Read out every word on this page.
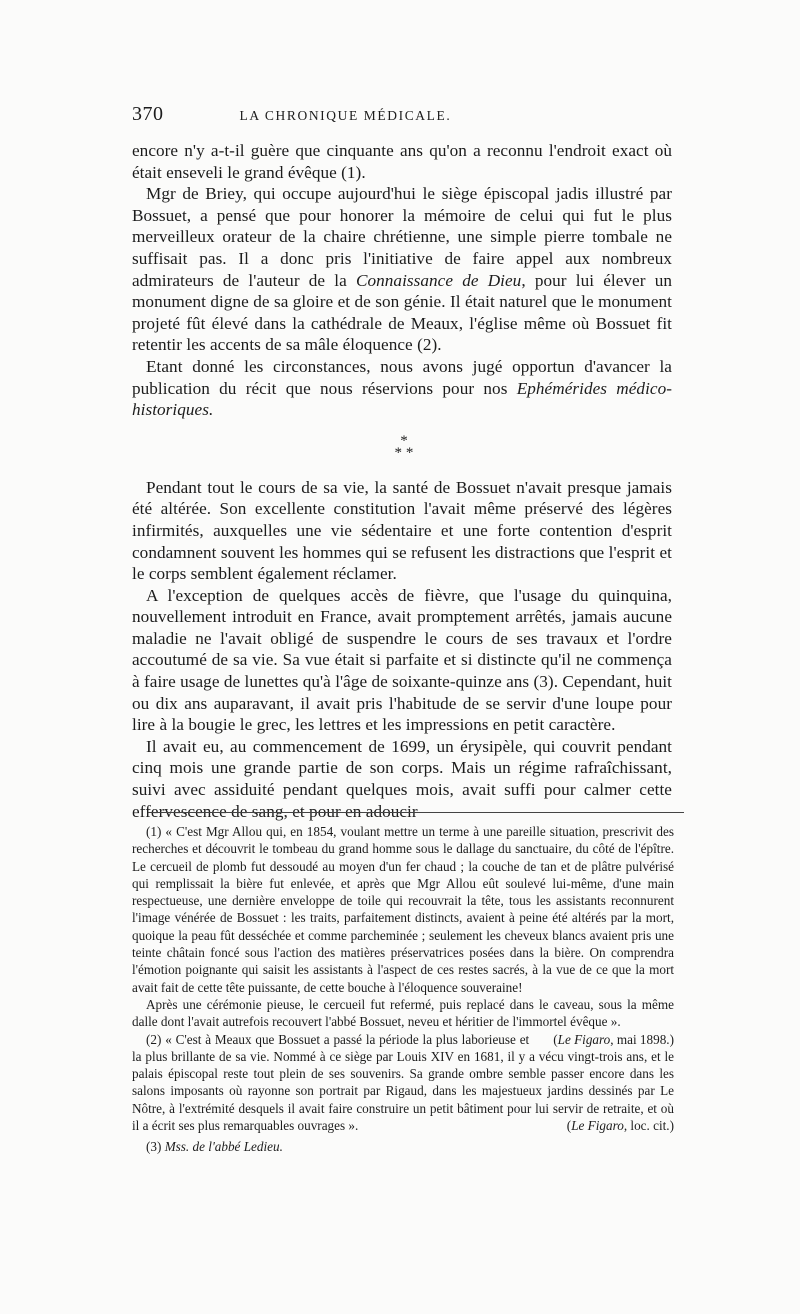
370	LA CHRONIQUE MÉDICALE.

encore n'y a-t-il guère que cinquante ans qu'on a reconnu l'endroit exact où était enseveli le grand évêque (1).

Mgr de Briey, qui occupe aujourd'hui le siège épiscopal jadis illustré par Bossuet, a pensé que pour honorer la mémoire de celui qui fut le plus merveilleux orateur de la chaire chrétienne, une simple pierre tombale ne suffisait pas. Il a donc pris l'initiative de faire appel aux nombreux admirateurs de l'auteur de la Connaissance de Dieu, pour lui élever un monument digne de sa gloire et de son génie. Il était naturel que le monument projeté fût élevé dans la cathédrale de Meaux, l'église même où Bossuet fit retentir les accents de sa mâle éloquence (2).

Etant donné les circonstances, nous avons jugé opportun d'avancer la publication du récit que nous réservions pour nos Ephémérides médico-historiques.

*
* *

Pendant tout le cours de sa vie, la santé de Bossuet n'avait presque jamais été altérée. Son excellente constitution l'avait même préservé des légères infirmités, auxquelles une vie sédentaire et une forte contention d'esprit condamnent souvent les hommes qui se refusent les distractions que l'esprit et le corps semblent également réclamer.

A l'exception de quelques accès de fièvre, que l'usage du quinquina, nouvellement introduit en France, avait promptement arrêtés, jamais aucune maladie ne l'avait obligé de suspendre le cours de ses travaux et l'ordre accoutumé de sa vie. Sa vue était si parfaite et si distincte qu'il ne commença à faire usage de lunettes qu'à l'âge de soixante-quinze ans (3). Cependant, huit ou dix ans auparavant, il avait pris l'habitude de se servir d'une loupe pour lire à la bougie le grec, les lettres et les impressions en petit caractère.

Il avait eu, au commencement de 1699, un érysipèle, qui couvrit pendant cinq mois une grande partie de son corps. Mais un régime rafraîchissant, suivi avec assiduité pendant quelques mois, avait suffi pour calmer cette effervescence de sang, et pour en adoucir

(1) « C'est Mgr Allou qui, en 1854, voulant mettre un terme à une pareille situation, prescrivit des recherches et découvrit le tombeau du grand homme sous le dallage du sanctuaire, du côté de l'épître. Le cercueil de plomb fut dessoudé au moyen d'un fer chaud ; la couche de tan et de plâtre pulvérisé qui remplissait la bière fut enlevée, et après que Mgr Allou eût soulevé lui-même, d'une main respectueuse, une dernière enveloppe de toile qui recouvrait la tête, tous les assistants reconnurent l'image vénérée de Bossuet : les traits, parfaitement distincts, avaient à peine été altérés par la mort, quoique la peau fût desséchée et comme parcheminée ; seulement les cheveux blancs avaient pris une teinte châtain foncé sous l'action des matières préservatrices posées dans la bière. On comprendra l'émotion poignante qui saisit les assistants à l'aspect de ces restes sacrés, à la vue de ce que la mort avait fait de cette tête puissante, de cette bouche à l'éloquence souveraine!

Après une cérémonie pieuse, le cercueil fut refermé, puis replacé dans le caveau, sous la même dalle dont l'avait autrefois recouvert l'abbé Bossuet, neveu et héritier de l'immortel évêque ».
(Le Figaro, mai 1898.)

(2) « C'est à Meaux que Bossuet a passé la période la plus laborieuse et la plus brillante de sa vie. Nommé à ce siège par Louis XIV en 1681, il y a vécu vingt-trois ans, et le palais épiscopal reste tout plein de ses souvenirs. Sa grande ombre semble passer encore dans les salons imposants où rayonne son portrait par Rigaud, dans les majestueux jardins dessinés par Le Nôtre, à l'extrémité desquels il avait faire construire un petit bâtiment pour lui servir de retraite, et où il a écrit ses plus remarquables ouvrages ».	(Le Figaro, loc. cit.)

(3) Mss. de l'abbé Ledieu.
